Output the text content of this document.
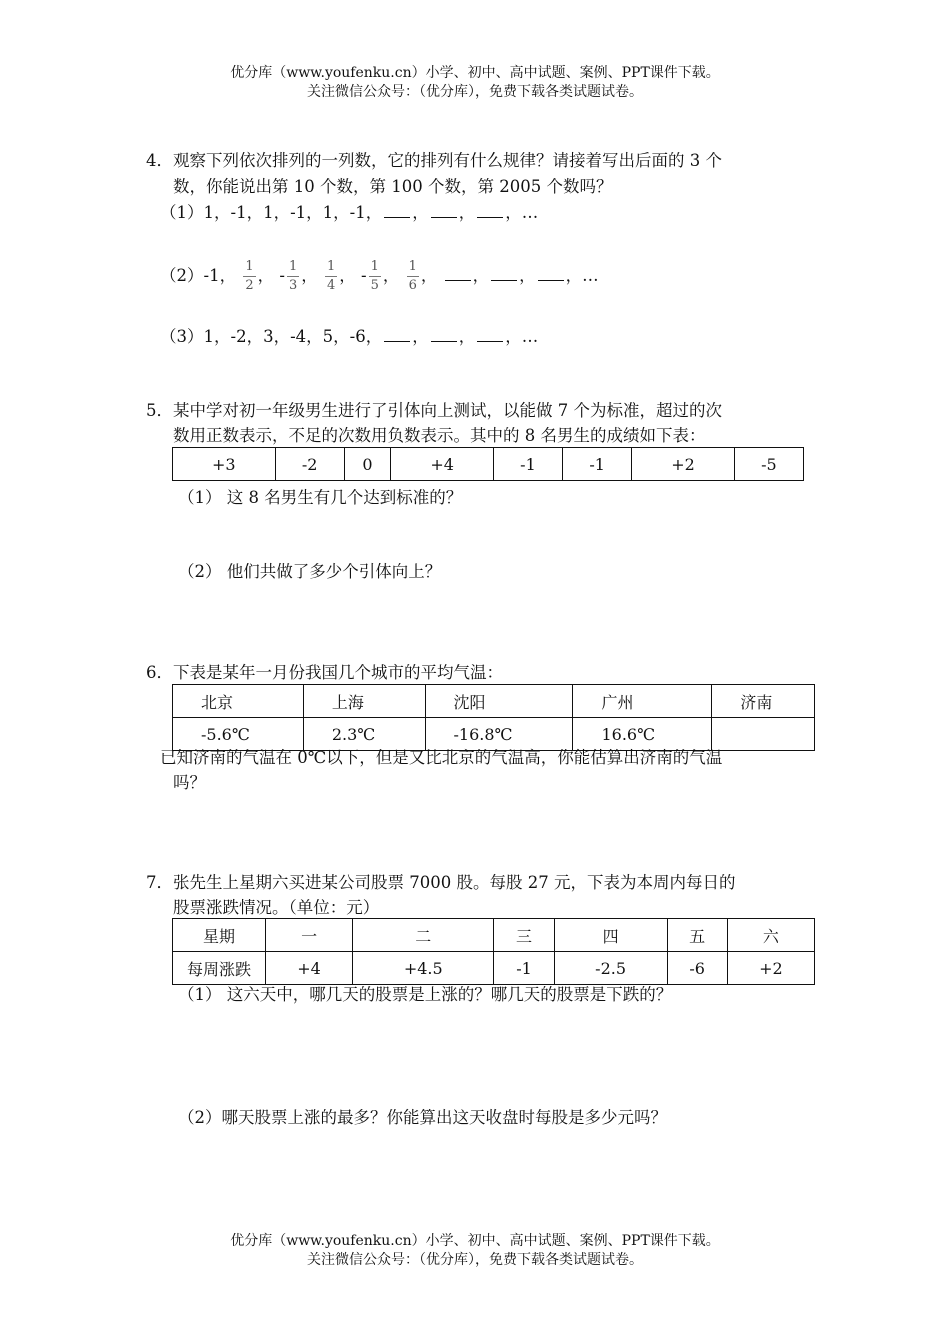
优分库（www.youfenku.cn）小学、初中、高中试题、案例、PPT课件下载。
关注微信公众号：（优分库），免费下载各类试题试卷。
4．观察下列依次排列的一列数，它的排列有什么规律？请接着写出后面的 3 个
数，你能说出第 10 个数，第 100 个数，第 2005 个数吗？
（1）1，-1，1，-1，1，-1， ， ， ，…
（2）-1， $\frac{1}{2}$ ， - $\frac{1}{3}$ ， $\frac{1}{4}$ ， - $\frac{1}{5}$ ， $\frac{1}{6}$ ， ， ， ，…
（3）1，-2，3，-4，5，-6， ， ， ，…
5．某中学对初一年级男生进行了引体向上测试，以能做 7 个为标准，超过的次
数用正数表示，不足的次数用负数表示。其中的 8 名男生的成绩如下表：
+3	-2	0	+4	-1	-1	+2	-5
（1） 这 8 名男生有几个达到标准的？
（2） 他们共做了多少个引体向上？
6．下表是某年一月份我国几个城市的平均气温：
北京	上海	沈阳	广州	济南
-5.6℃	2.3℃	-16.8℃	16.6℃	
已知济南的气温在 0℃以下，但是又比北京的气温高，你能估算出济南的气温
吗？
7．张先生上星期六买进某公司股票 7000 股。每股 27 元，下表为本周内每日的
股票涨跌情况。（单位：元）
星期	一	二	三	四	五	六
每周涨跌	+4	+4.5	-1	-2.5	-6	+2
（1） 这六天中，哪几天的股票是上涨的？哪几天的股票是下跌的？
（2）哪天股票上涨的最多？你能算出这天收盘时每股是多少元吗？
优分库（www.youfenku.cn）小学、初中、高中试题、案例、PPT课件下载。
关注微信公众号：（优分库），免费下载各类试题试卷。
